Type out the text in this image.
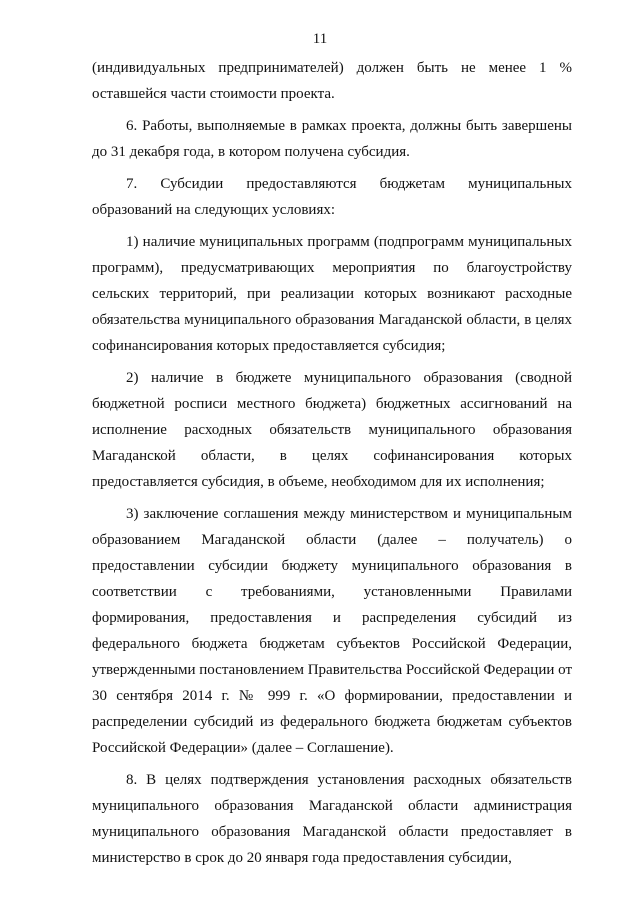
11

(индивидуальных предпринимателей) должен быть не менее 1 % оставшейся части стоимости проекта.

6. Работы, выполняемые в рамках проекта, должны быть завершены до 31 декабря года, в котором получена субсидия.

7. Субсидии предоставляются бюджетам муниципальных образований на следующих условиях:

1) наличие муниципальных программ (подпрограмм муниципальных программ), предусматривающих мероприятия по благоустройству сельских территорий, при реализации которых возникают расходные обязательства муниципального образования Магаданской области, в целях софинансирования которых предоставляется субсидия;

2) наличие в бюджете муниципального образования (сводной бюджетной росписи местного бюджета) бюджетных ассигнований на исполнение расходных обязательств муниципального образования Магаданской области, в целях софинансирования которых предоставляется субсидия, в объеме, необходимом для их исполнения;

3) заключение соглашения между министерством и муниципальным образованием Магаданской области (далее – получатель) о предоставлении субсидии бюджету муниципального образования в соответствии с требованиями, установленными Правилами формирования, предоставления и распределения субсидий из федерального бюджета бюджетам субъектов Российской Федерации, утвержденными постановлением Правительства Российской Федерации от 30 сентября 2014 г. № 999 г. «О формировании, предоставлении и распределении субсидий из федерального бюджета бюджетам субъектов Российской Федерации» (далее – Соглашение).

8. В целях подтверждения установления расходных обязательств муниципального образования Магаданской области администрация муниципального образования Магаданской области предоставляет в министерство в срок до 20 января года предоставления субсидии,
